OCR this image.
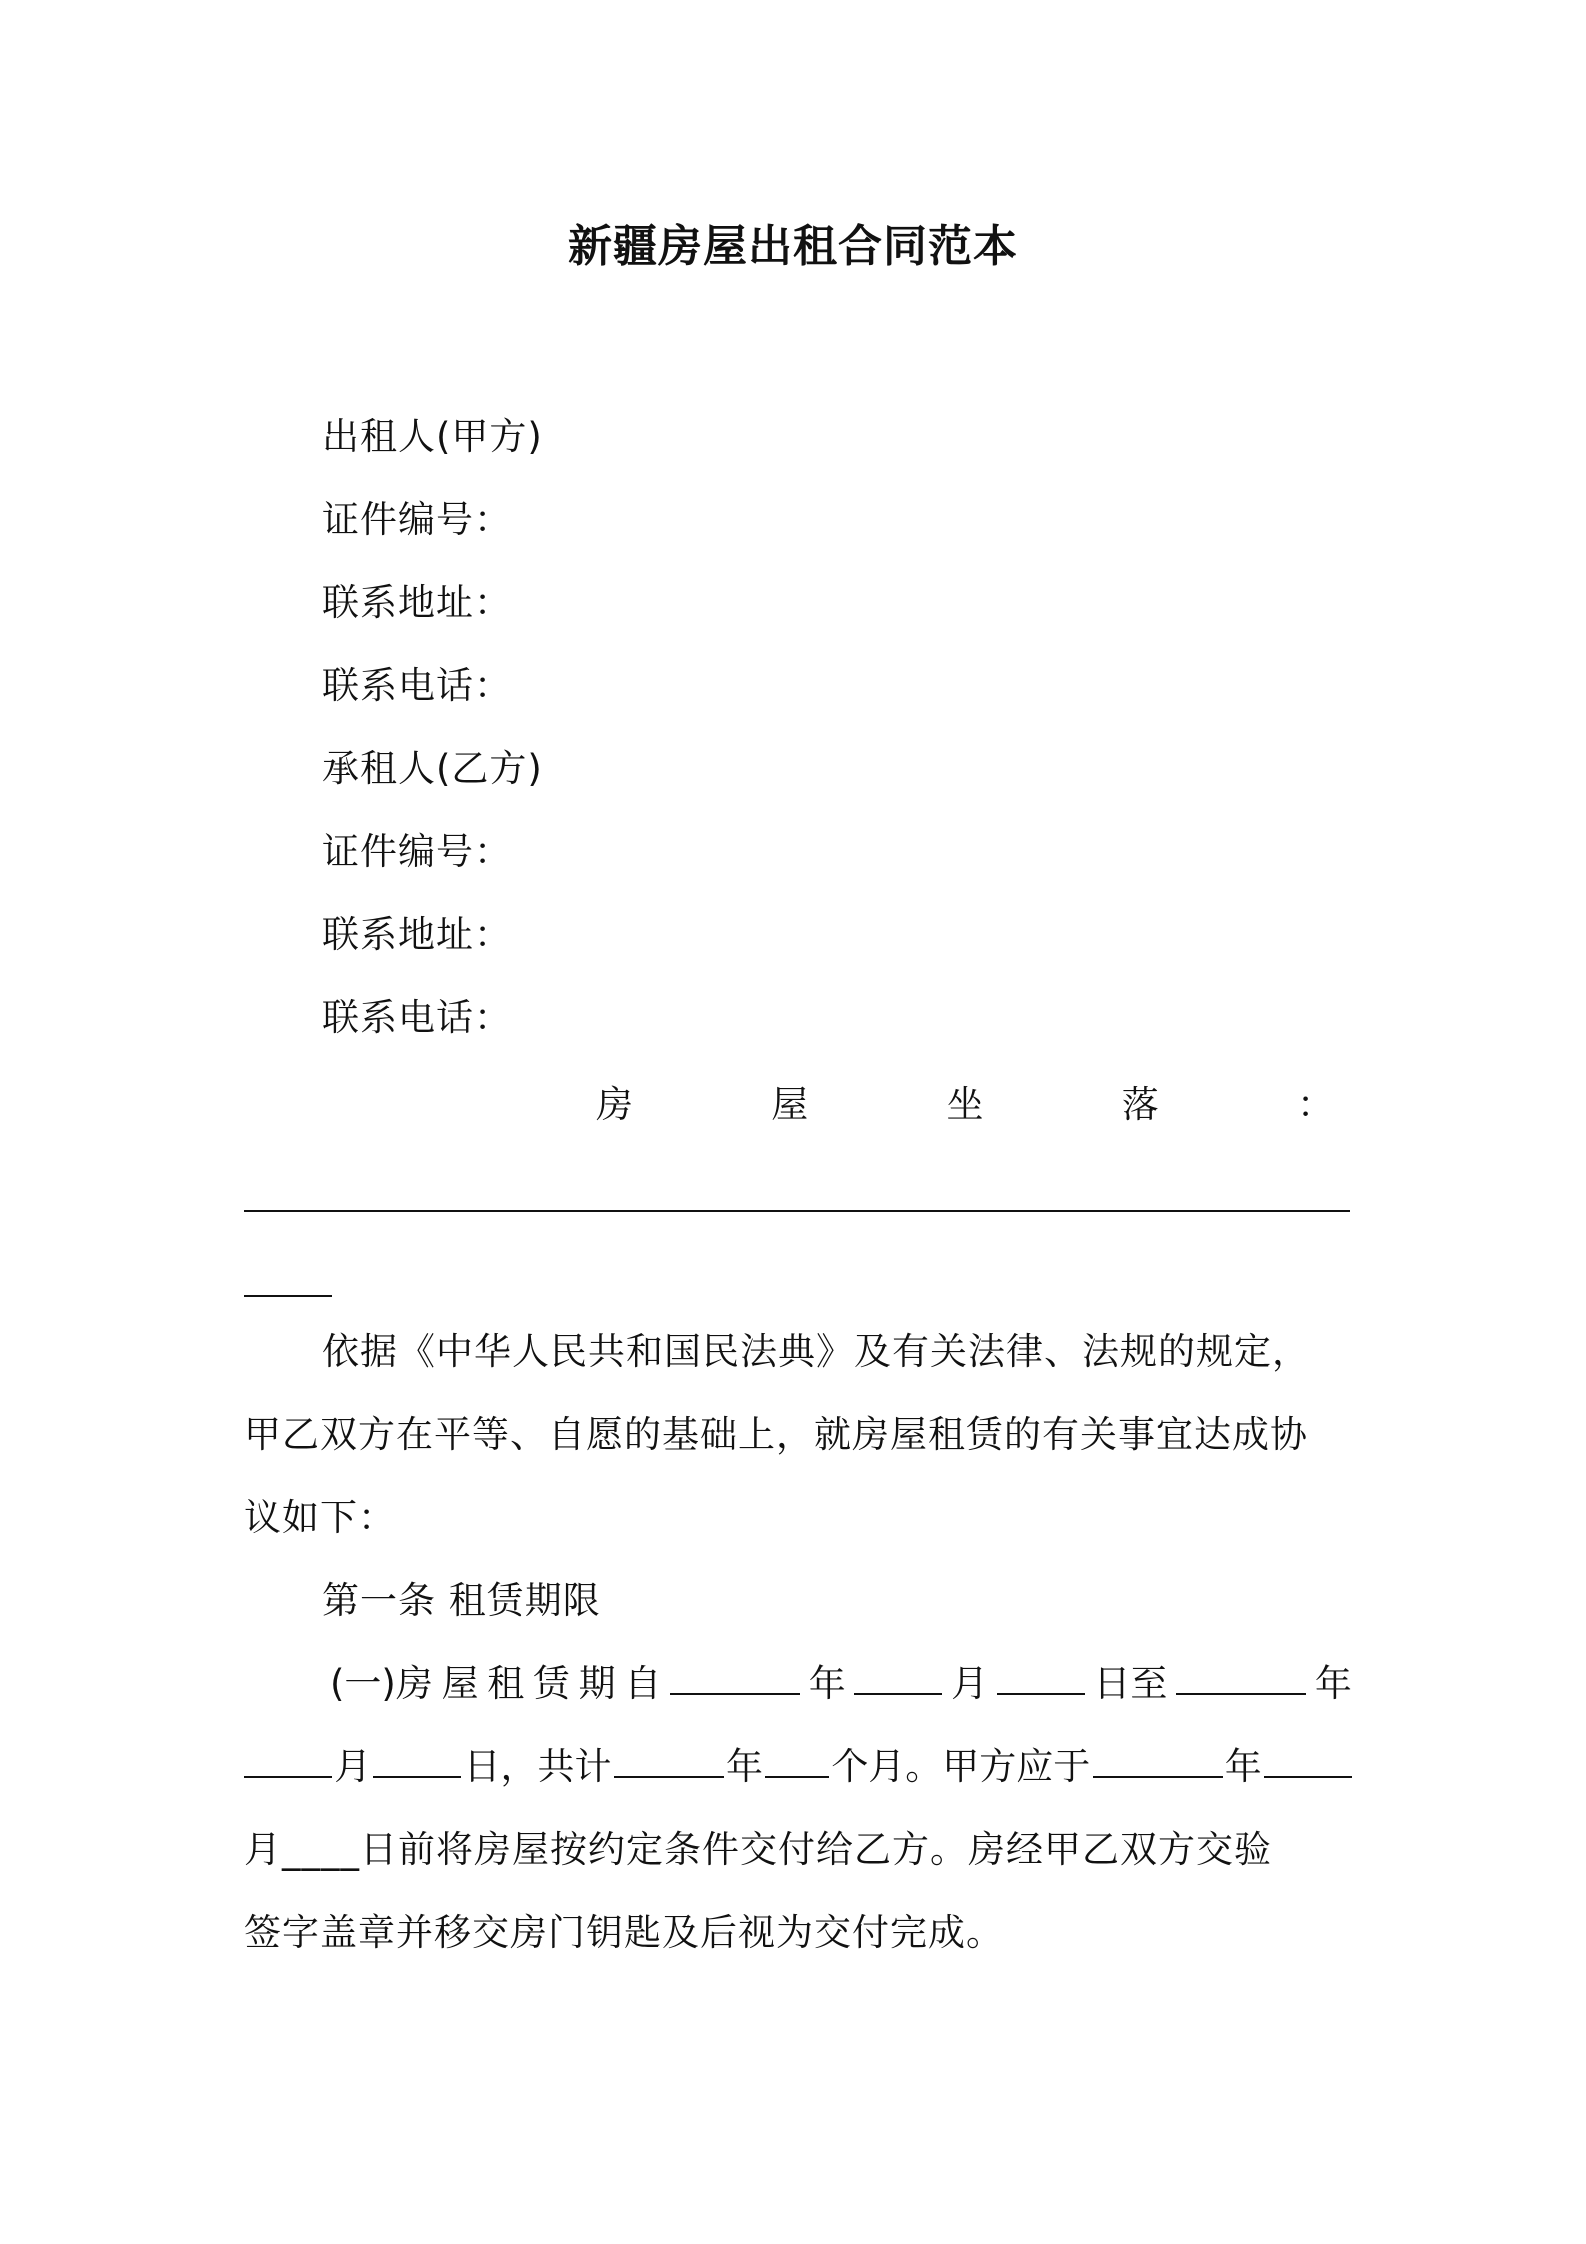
新疆房屋出租合同范本
出租人(甲方)
证件编号：
联系地址：
联系电话：
承租人(乙方)
证件编号：
联系地址：
联系电话：
房	屋	坐	落	：
依据《中华人民共和国民法典》及有关法律、法规的规定，
甲乙双方在平等、自愿的基础上，就房屋租赁的有关事宜达成协
议如下：
第一条 租赁期限
(一)房 屋 租 赁 期 自	年	月	日至	年
月 日，共计	年 个月。甲方应于	年
月____日前将房屋按约定条件交付给乙方。房经甲乙双方交验
签字盖章并移交房门钥匙及后视为交付完成。
